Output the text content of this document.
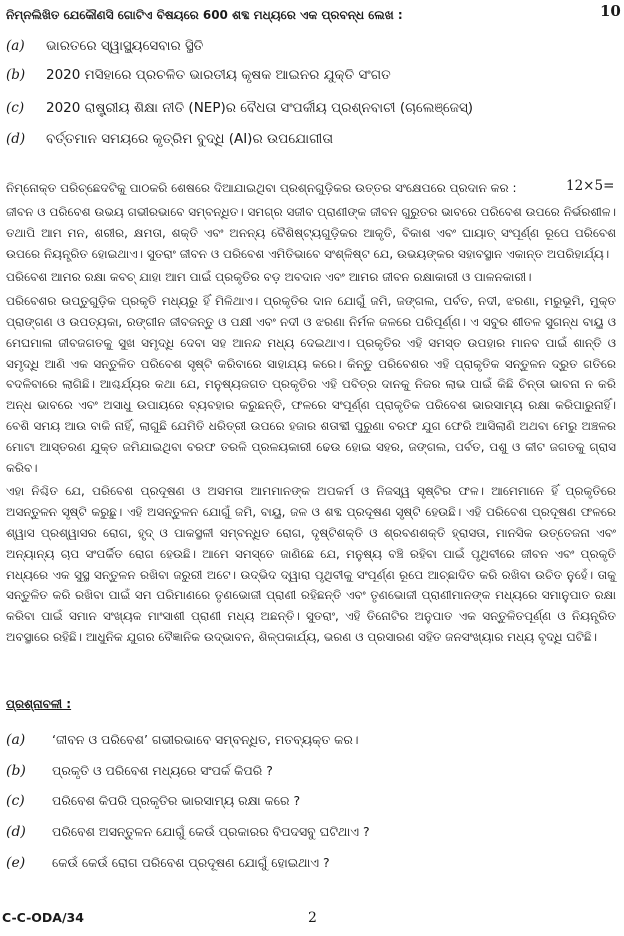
10
ନିମ୍ନଲିଖିତ ଯେକୌଣସି ଗୋଟିଏ ବିଷୟରେ 600 ଶବ୍ଦ ମଧ୍ୟରେ ଏକ ପ୍ରବନ୍ଧ ଲେଖ :
(a) ଭାରତରେ ସ୍ୱାସ୍ଥ୍ୟସେବାର ସ୍ଥିତି
(b) 2020 ମସିହାରେ ପ୍ରଚଳିତ ଭାରତୀୟ କୃଷକ ଆଇନର ଯୁକ୍ତି ସଂଗତ
(c) 2020 ରାଷ୍ଟ୍ରୀୟ ଶିକ୍ଷା ନୀତି (NEP)ର ବୈଧତା ସଂପର୍କୀୟ ପ୍ରଶ୍ନବାଚୀ (ଚାଲେଞ୍ଜେସ୍)
(d) ବର୍ତ୍ତମାନ ସମୟରେ କୃତ୍ରିମ ବୁଦ୍ଧି (AI)ର ଉପଯୋଗୀତା
ନିମ୍ନୋକ୍ତ ପରିଚ୍ଛେଦଟିକୁ ପାଠକରି ଶେଷରେ ଦିଆଯାଇଥିବା ପ୍ରଶ୍ନଗୁଡ଼ିକର ଉତ୍ତର ସଂକ୍ଷେପରେ ପ୍ରଦାନ କର :	12×5=

ଜୀବନ ଓ ପରିବେଶ ଉଭୟ ଗଭୀରଭାବେ ସମ୍ବନ୍ଧିତ। ସମଗ୍ର ସଜୀବ ପ୍ରାଣୀଙ୍କ ଜୀବନ ଗୁରୁତର ଭାବରେ ପରିବେଶ ଉପରେ ନିର୍ଭରଶୀଳ। ତଥାପି ଆମ ମନ, ଶରୀର, କ୍ଷମତା, ଶକ୍ତି ଏବଂ ଅନନ୍ୟ ବୈଶିଷ୍ଟ୍ୟଗୁଡ଼ିକର ଆକୃତି, ବିକାଶ ଏବଂ ଘାୟାତ୍ ସଂପୂର୍ଣ୍ଣ ରୂପେ ପରିବେଶ ଉପରେ ନିୟନ୍ତ୍ରିତ ହୋଇଥାଏ। ସୁତରାଂ ଜୀବନ ଓ ପରିବେଶ ଏମିତିଭାବେ ସଂଶ୍ଳିଷ୍ଟ ଯେ, ଉଭୟଙ୍କର ସହାବସ୍ଥାନ ଏକାନ୍ତ ଅପରିହାର୍ଯ୍ୟ।

ପରିବେଶ ଆମର ରକ୍ଷା କବଚ୍ ଯାହା ଆମ ପାଇଁ ପ୍ରକୃତିର ବଡ଼ ଅବଦାନ ଏବଂ ଆମର ଜୀବନ ରକ୍ଷାକାରୀ ଓ ପାଳନକାରୀ।

ପରିବେଶର ଉପ୍ତୁଗୁଡ଼ିକ ପ୍ରକୃତି ମଧ୍ୟରୁ ହିଁ ମିଳିଥାଏ। ପ୍ରକୃତିର ଦାନ ଯୋଗୁଁ ଜମି, ଜଙ୍ଗଲ, ପର୍ବତ, ନଦୀ, ଝରଣା, ମରୁଭୂମି, ମୁକ୍ତ ପ୍ରାଙ୍ଗଣ ଓ ଉପତ୍ୟକା, ରଙ୍ଗୀନ ଜୀବଜନ୍ତୁ ଓ ପକ୍ଷୀ ଏବଂ ନଦୀ ଓ ଝରଣା ନିର୍ମଳ ଜଳରେ ପରିପୂର୍ଣ୍ଣ। ଏ ସବୁର ଶୀତଳ ସୁଗନ୍ଧ ବାୟୁ ଓ ମେଘମାଳା ଜୀବଜଗତକୁ ସୁଖ ସମୃଦ୍ଧି ଦେବା ସହ ଆନନ୍ଦ ମଧ୍ୟ ଦେଇଥାଏ। ପ୍ରକୃତିର ଏହି ସମସ୍ତ ଉପହାର ମାନବ ପାଇଁ ଶାନ୍ତି ଓ ସମୃଦ୍ଧି ଆଣି ଏକ ସନ୍ତୁଳିତ ପରିବେଶ ସୃଷ୍ଟି କରିବାରେ ସାହାଯ୍ୟ କରେ। କିନ୍ତୁ ପରିବେଶର ଏହି ପ୍ରାକୃତିକ ସନ୍ତୁଳନ ଦ୍ରୁତ ଗତିରେ ବଦଳିବାରେ ଲାଗିଛି। ଆଶ୍ଚର୍ଯ୍ୟର କଥା ଯେ, ମନୁଷ୍ୟଜଗତ ପ୍ରକୃତିର ଏହି ପବିତ୍ର ଦାନକୁ ନିଜର ଲାଭ ପାଇଁ କିଛି ଚିନ୍ତା ଭାବନା ନ କରି ଅନ୍ଧ ଭାବରେ ଏବଂ ଅସାଧୁ ଉପାୟରେ ବ୍ୟବହାର କରୁଛନ୍ତି, ଫଳରେ ସଂପୂର୍ଣ୍ଣ ପ୍ରାକୃତିକ ପରିବେଶ ଭାରସାମ୍ୟ ରକ୍ଷା କରିପାରୁନାହିଁ। ବେଶି ସମୟ ଆଉ ବାକି ନାହିଁ, ଲାଗୁଛି ଯେମିତି ଧରିତ୍ରୀ ଉପରେ ହଜାର ଶତାବ୍ଦୀ ପୁରୁଣା ବରଫ ଯୁଗ ଫେରି ଆସିଲାଣି ଅଥବା ମେରୁ ଅଞ୍ଚଳର ମୋଟା ଆସ୍ତରଣ ଯୁକ୍ତ ଜମିଯାଇଥିବା ବରଫ ତରଳି ପ୍ରଳୟକାରୀ ଢେଉ ହୋଇ ସହର, ଜଙ୍ଗଲ, ପର୍ବତ, ପଶୁ ଓ କୀଟ ଜଗତକୁ ଗ୍ରାସ କରିବ।

ଏହା ନିଶ୍ଚିତ ଯେ, ପରିବେଶ ପ୍ରଦୂଷଣ ଓ ଅସମତା ଆମମାନଙ୍କ ଅପକର୍ମ ଓ ନିଜସ୍ୱ ସୃଷ୍ଟିର ଫଳ। ଆମେମାନେ ହିଁ ପ୍ରକୃତିରେ ଅସନ୍ତୁଳନ ସୃଷ୍ଟି କରୁଛୁ। ଏହି ଅସନ୍ତୁଳନ ଯୋଗୁଁ ଜମି, ବାୟୁ, ଜଳ ଓ ଶବ୍ଦ ପ୍ରଦୂଷଣ ସୃଷ୍ଟି ହେଉଛି। ଏହି ପରିବେଶ ପ୍ରଦୂଷଣ ଫଳରେ ଶ୍ୱାସ ପ୍ରଶ୍ୱାସର ରୋଗ, ହୃଦ୍ ଓ ପାକସ୍ଥଳୀ ସମ୍ବନ୍ଧିତ ରୋଗ, ଦୃଷ୍ଟିଶକ୍ତି ଓ ଶ୍ରବଣଶକ୍ତି ହ୍ରାସତା, ମାନସିକ ଉତ୍ତେଜନା ଏବଂ ଅନ୍ୟାନ୍ୟ ଚାପ ସଂପର୍କିତ ରୋଗ ହେଉଛି। ଆମେ ସମସ୍ତେ ଜାଣିଛେ ଯେ, ମନୁଷ୍ୟ ବଞ୍ଚି ରହିବା ପାଇଁ ପୃଥିବୀରେ ଜୀବନ ଏବଂ ପ୍ରକୃତି ମଧ୍ୟରେ ଏକ ସୁସ୍ଥ ସନ୍ତୁଳନ ରଖିବା ଜରୁରୀ ଅଟେ। ଉଦ୍ଭିଦ ଦ୍ୱାରା ପୃଥିବୀକୁ ସଂପୂର୍ଣ୍ଣ ରୂପେ ଆଚ୍ଛାଦିତ କରି ରଖିବା ଉଚିତ ନୁହେଁ। ତାକୁ ସନ୍ତୁଳିତ କରି ରଖିବା ପାଇଁ ସମ ପରିମାଣରେ ତୃଣଭୋଜୀ ପ୍ରାଣୀ ରହିଛନ୍ତି ଏବଂ ତୃଣଭୋଜୀ ପ୍ରାଣୀମାନଙ୍କ ମଧ୍ୟରେ ସମାନୁପାତ ରକ୍ଷା କରିବା ପାଇଁ ସମାନ ସଂଖ୍ୟକ ମାଂସାଶୀ ପ୍ରାଣୀ ମଧ୍ୟ ଅଛନ୍ତି। ସୁତରାଂ, ଏହି ତିନୋଟିର ଅନୁପାତ ଏକ ସନ୍ତୁଳିତପୂର୍ଣ୍ଣ ଓ ନିୟନ୍ତ୍ରିତ ଅବସ୍ଥାରେ ରହିଛି। ଆଧୁନିକ ଯୁଗର ବୈଜ୍ଞାନିକ ଉଦ୍ଭାବନ, ଶିଳ୍ପକାର୍ଯ୍ୟ, ଭରଣ ଓ ପ୍ରସାରଣ ସହିତ ଜନସଂଖ୍ୟାର ମଧ୍ୟ ବୃଦ୍ଧି ଘଟିଛି।

ପ୍ରଶ୍ନାବଳୀ :
(a) ‘ଜୀବନ ଓ ପରିବେଶ’ ଗଭୀରଭାବେ ସମ୍ବନ୍ଧିତ, ମତବ୍ୟକ୍ତ କର।
(b) ପ୍ରକୃତି ଓ ପରିବେଶ ମଧ୍ୟରେ ସଂପର୍କ କିପରି ?
(c) ପରିବେଶ କିପରି ପ୍ରକୃତିର ଭାରସାମ୍ୟ ରକ୍ଷା କରେ ?
(d) ପରିବେଶ ଅସନ୍ତୁଳନ ଯୋଗୁଁ କେଉଁ ପ୍ରକାରର ବିପଦସବୁ ଘଟିଥାଏ ?
(e) କେଉଁ କେଉଁ ରୋଗ ପରିବେଶ ପ୍ରଦୂଷଣ ଯୋଗୁଁ ହୋଇଥାଏ ?
C-C-ODA/34	2
